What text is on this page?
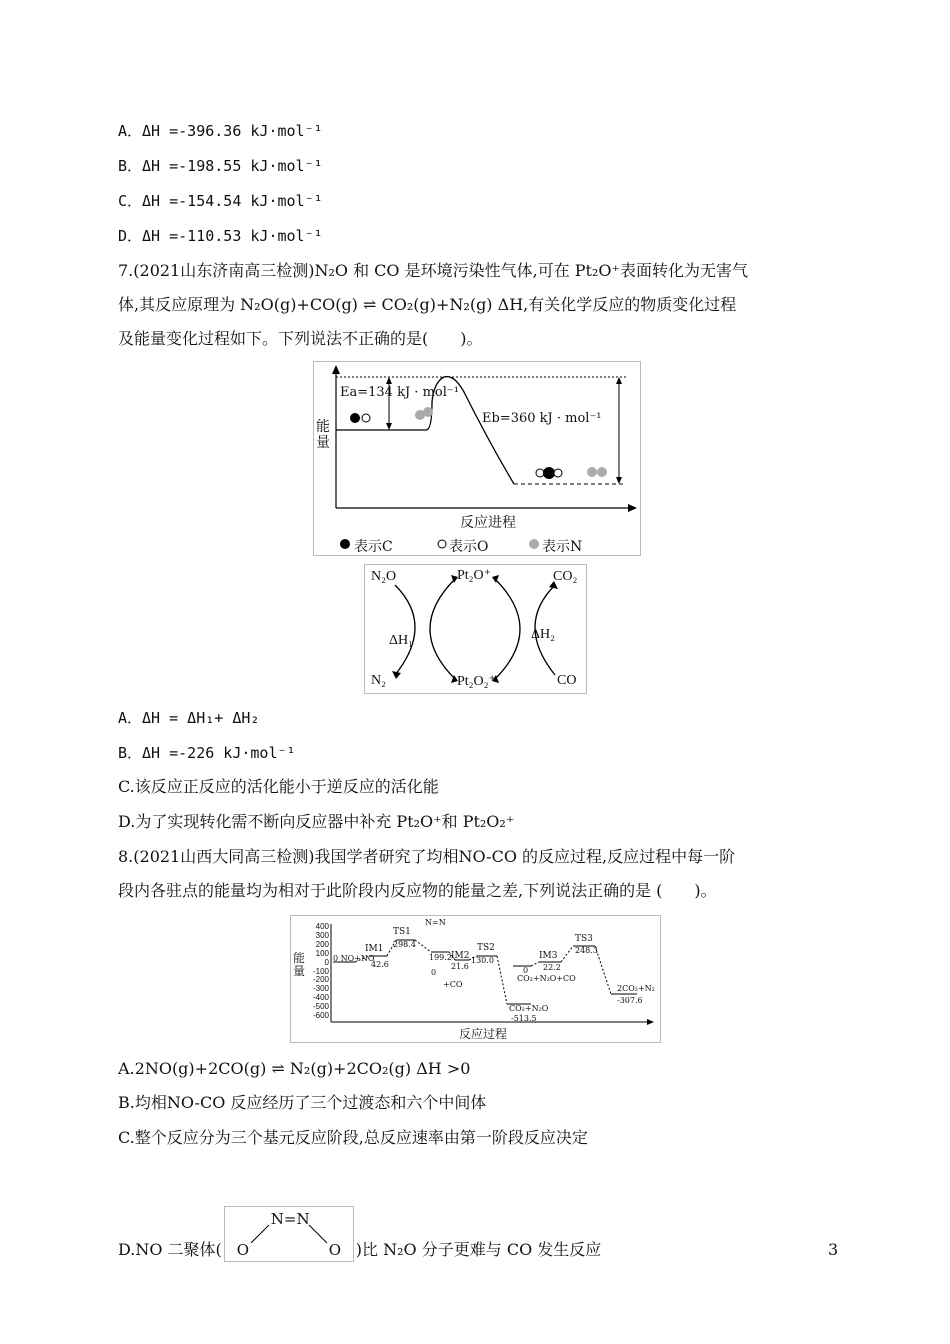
A．ΔH =-396.36 kJ·mol⁻¹
B．ΔH =-198.55 kJ·mol⁻¹
C．ΔH =-154.54 kJ·mol⁻¹
D．ΔH =-110.53 kJ·mol⁻¹
7.(2021山东济南高三检测)N₂O 和 CO 是环境污染性气体,可在 Pt₂O⁺表面转化为无害气
体,其反应原理为 N₂O(g)+CO(g) ⇌ CO₂(g)+N₂(g) ΔH,有关化学反应的物质变化过程
及能量变化过程如下。下列说法不正确的是(　　)。
能量
Ea=134 kJ · mol⁻¹
Eb=360 kJ · mol⁻¹
反应进程
表示C	表示O	表示N
N₂O	Pt₂O⁺	CO₂
ΔH₁	ΔH₂
N₂	Pt₂O₂⁺	CO
A．ΔH = ΔH₁+ ΔH₂
B．ΔH =-226 kJ·mol⁻¹
C.该反应正反应的活化能小于逆反应的活化能
D.为了实现转化需不断向反应器中补充 Pt₂O⁺和 Pt₂O₂⁺
8.(2021山西大同高三检测)我国学者研究了均相NO-CO 的反应过程,反应过程中每一阶
段内各驻点的能量均为相对于此阶段内反应物的能量之差,下列说法正确的是 (　　)。
能量
400
300
200
100
0
-100
-200
-300
-400
-500
-600
0 NO+NO
IM1
42.6
TS1
298.4
N=N
199.2 IM2
0
21.6
+CO
TS2
130.0
CO₂+N₂O
-513.5
0
CO₂+N₂O+CO
IM3
22.2
TS3
248.3
2CO₂+N₂
-307.6
反应过程
A.2NO(g)+2CO(g) ⇌ N₂(g)+2CO₂(g) ΔH >0
B.均相NO-CO 反应经历了三个过渡态和六个中间体
C.整个反应分为三个基元反应阶段,总反应速率由第一阶段反应决定
D.NO 二聚体(
N=N
O	O )比 N₂O 分子更难与 CO 发生反应	3
